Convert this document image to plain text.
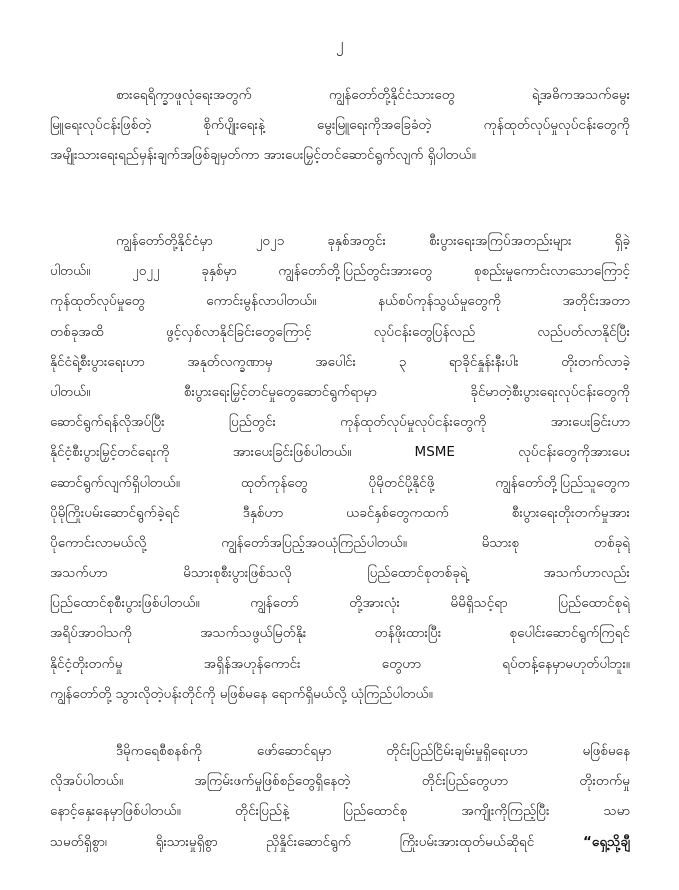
၂
စားရေရိက္ခာဖူလုံရေးအတွက် ကျွန်တော်တို့နိုင်ငံသားတွေ ရဲ့အဓိကအသက်မွေး
မြူရေးလုပ်ငန်းဖြစ်တဲ့ စိုက်ပျိုးရေးနဲ့ မွေးမြူရေးကိုအခြေခံတဲ့ ကုန်ထုတ်လုပ်မှုလုပ်ငန်းတွေကို
အမျိုးသားရေးရည်မှန်းချက်အဖြစ်ချမှတ်ကာ အားပေးမြှင့်တင်ဆောင်ရွက်လျက် ရှိပါတယ်။
ကျွန်တော်တို့နိုင်ငံမှာ ၂၀၂၁ ခုနှစ်အတွင်း စီးပွားရေးအကြပ်အတည်းများ ရှိခဲ့
ပါတယ်။ ၂၀၂၂ ခုနှစ်မှာ ကျွန်တော်တို့ပြည်တွင်းအားတွေ စုစည်းမှုကောင်းလာသောကြောင့်
ကုန်ထုတ်လုပ်မှုတွေ ကောင်းမွန်လာပါတယ်။ နယ်စပ်ကုန်သွယ်မှုတွေကို အတိုင်းအတာ
တစ်ခုအထိ ဖွင့်လှစ်လာနိုင်ခြင်းတွေကြောင့် လုပ်ငန်းတွေပြန်လည် လည်ပတ်လာနိုင်ပြီး
နိုင်ငံရဲ့စီးပွားရေးဟာ အနုတ်လက္ခဏာမှ အပေါင်း ၃ ရာခိုင်နှုန်းနီးပါး တိုးတက်လာခဲ့
ပါတယ်။ စီးပွားရေးမြှင့်တင်မှုတွေဆောင်ရွက်ရာမှာ ခိုင်မာတဲ့စီးပွားရေးလုပ်ငန်းတွေကို
ဆောင်ရွက်ရန်လိုအပ်ပြီး ပြည်တွင်း ကုန်ထုတ်လုပ်မှုလုပ်ငန်းတွေကို အားပေးခြင်းဟာ
နိုင်ငံ့စီးပွားမြှင့်တင်ရေးကို အားပေးခြင်းဖြစ်ပါတယ်။ MSME လုပ်ငန်းတွေကိုအားပေး
ဆောင်ရွက်လျက်ရှိပါတယ်။ ထုတ်ကုန်တွေ ပိုမိုတင်ပို့နိုင်ဖို့ ကျွန်တော်တို့ပြည်သူတွေက
ပိုမိုကြိုးပမ်းဆောင်ရွက်ခဲ့ရင် ဒီနှစ်ဟာ ယခင်နှစ်တွေကထက် စီးပွားရေးတိုးတက်မှုအား
ပိုကောင်းလာမယ်လို့ ကျွန်တော်အပြည့်အဝယုံကြည်ပါတယ်။ မိသားစု တစ်ခုရဲ့
အသက်ဟာ မိသားစုစီးပွားဖြစ်သလို ပြည်ထောင်စုတစ်ခုရဲ့ အသက်ဟာလည်း
ပြည်ထောင်စုစီးပွားဖြစ်ပါတယ်။ ကျွန်တော် တို့အားလုံး မိမိရှိသင့်ရာ ပြည်ထောင်စုရဲ့
အရိပ်အာဝါသကို အသက်သဖွယ်မြတ်နိုး တန်ဖိုးထားပြီး စုပေါင်းဆောင်ရွက်ကြရင်
နိုင်ငံ့တိုးတက်မှု အရှိန်အဟုန်ကောင်း တွေဟာ ရပ်တန့်နေမှာမဟုတ်ပါဘူး။
ကျွန်တော်တို့ သွားလိုတဲ့ပန်းတိုင်ကို မဖြစ်မနေ ရောက်ရှိမယ်လို့ ယုံကြည်ပါတယ်။
ဒီမိုကရေစီစနစ်ကို ဖော်ဆောင်ရမှာ တိုင်းပြည်ငြိမ်းချမ်းမှုရှိရေးဟာ မဖြစ်မနေ
လိုအပ်ပါတယ်။ အကြမ်းဖက်မှုဖြစ်စဉ်တွေရှိနေတဲ့ တိုင်းပြည်တွေဟာ တိုးတက်မှု
နောင့်နှေးနေမှာဖြစ်ပါတယ်။ တိုင်းပြည်နဲ့ ပြည်ထောင်စု အကျိုးကိုကြည့်ပြီး သမာ
သမတ်ရှိစွာ၊ ရိုးသားမှုရှိစွာ ညှိနှိုင်းဆောင်ရွက် ကြိုးပမ်းအားထုတ်မယ်ဆိုရင်	“ရှေ့သို့ချီ
